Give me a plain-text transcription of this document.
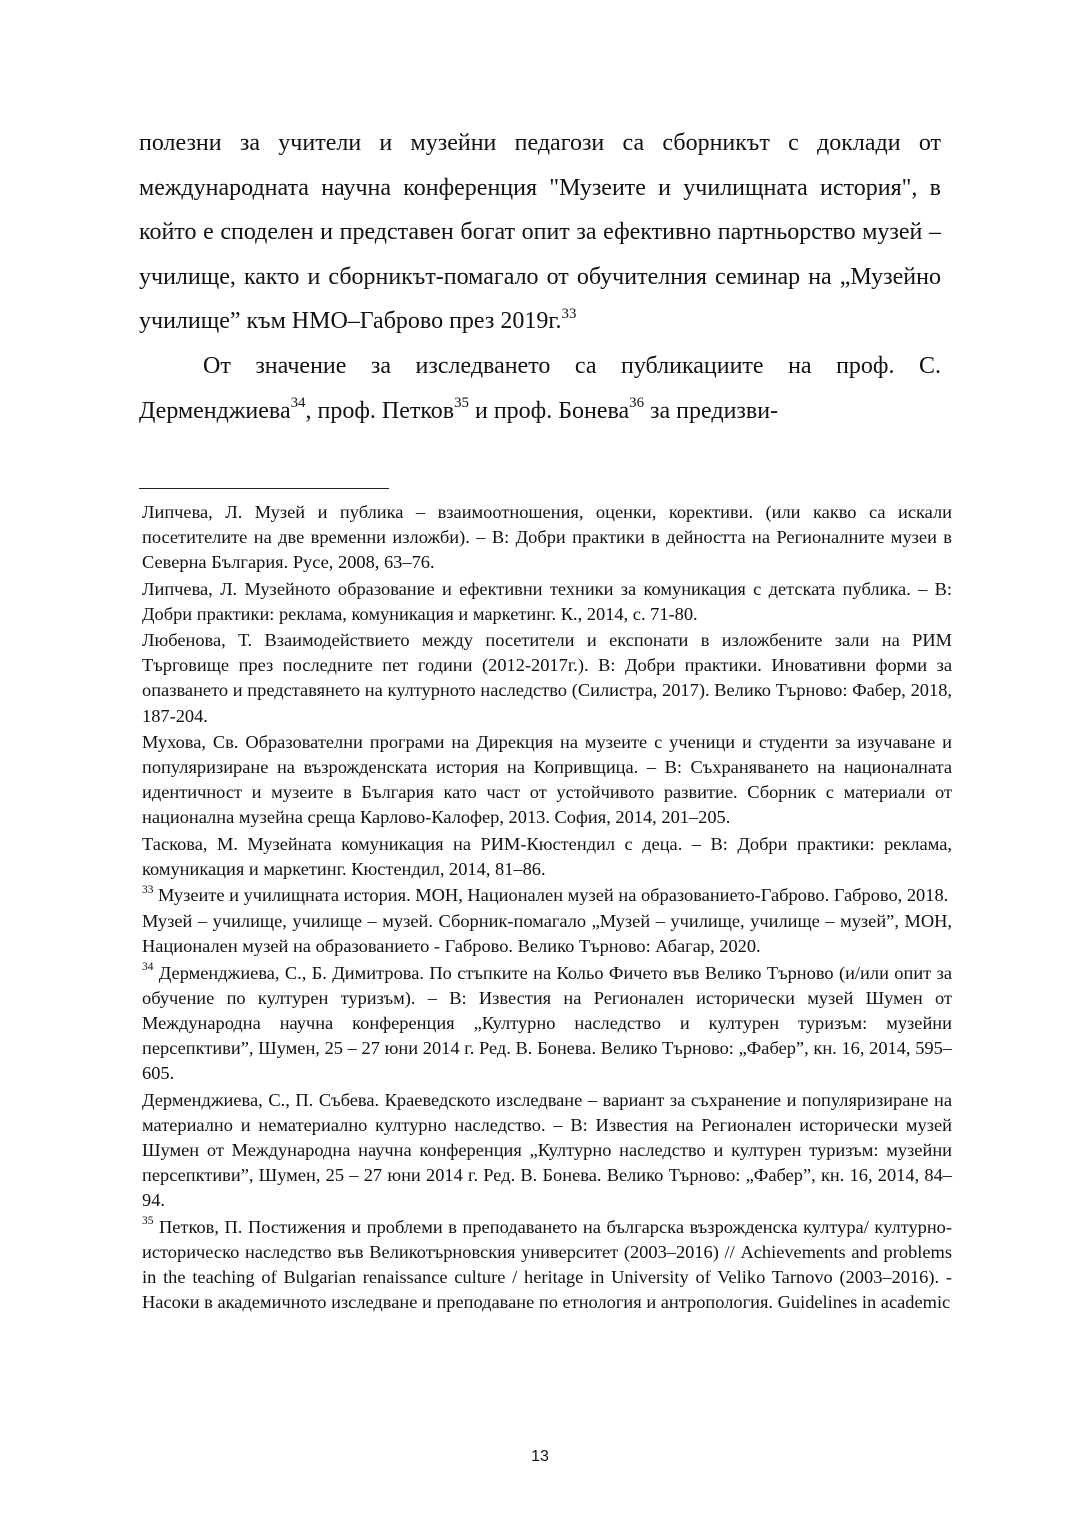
полезни за учители и музейни педагози са сборникът с доклади от международната научна конференция "Музеите и училищната история", в който е споделен и представен богат опит за ефективно партньорство музей – училище, както и сборникът-помагало от обучителния семинар на „Музейно училище” към НМО–Габрово през 2019г.$^{33}$

От значение за изследването са публикациите на проф. С. Дерменджиева$^{34}$, проф. Петков$^{35}$ и проф. Бонева$^{36}$ за предизви-

Липчева, Л. Музей и публика – взаимоотношения, оценки, корективи. (или какво са искали посетителите на две временни изложби). – В: Добри практики в дейността на Регионалните музеи в Северна България. Русе, 2008, 63–76.

Липчева, Л. Музейното образование и ефективни техники за комуникация с детската публика. – В: Добри практики: реклама, комуникация и маркетинг. К., 2014, с. 71-80.

Любенова, Т. Взаимодействието между посетители и експонати в изложбените зали на РИМ Търговище през последните пет години (2012-2017г.). В: Добри практики. Иновативни форми за опазването и представянето на културното наследство (Силистра, 2017). Велико Търново: Фабер, 2018, 187-204.

Мухова, Св. Образователни програми на Дирекция на музеите с ученици и студенти за изучаване и популяризиране на възрожденската история на Копривщица. – В: Съхраняването на националната идентичност и музеите в България като част от устойчивото развитие. Сборник с материали от национална музейна среща Карлово-Калофер, 2013. София, 2014, 201–205.

Таскова, М. Музейната комуникация на РИМ-Кюстендил с деца. – В: Добри практики: реклама, комуникация и маркетинг. Кюстендил, 2014, 81–86.

$^{33}$ Музеите и училищната история. МОН, Национален музей на образованието-Габрово. Габрово, 2018.

Музей – училище, училище – музей. Сборник-помагало „Музей – училище, училище – музей”, МОН, Национален музей на образованието - Габрово. Велико Търново: Абагар, 2020.

$^{34}$ Дерменджиева, С., Б. Димитрова. По стъпките на Кольо Фичето във Велико Търново (и/или опит за обучение по културен туризъм). – В: Известия на Регионален исторически музей Шумен от Международна научна конференция „Културно наследство и културен туризъм: музейни персепктиви”, Шумен, 25 – 27 юни 2014 г. Ред. В. Бонева. Велико Търново: „Фабер”, кн. 16, 2014, 595–605.

Дерменджиева, С., П. Събева. Краеведското изследване – вариант за съхранение и популяризиране на материално и нематериално културно наследство. – В: Известия на Регионален исторически музей Шумен от Международна научна конференция „Културно наследство и културен туризъм: музейни персепктиви”, Шумен, 25 – 27 юни 2014 г. Ред. В. Бонева. Велико Търново: „Фабер”, кн. 16, 2014, 84–94.

$^{35}$ Петков, П. Постижения и проблеми в преподаването на българска възрожденска култура/ културно-историческо наследство във Великотърновския университет (2003–2016) // Achievements and problems in the teaching of Bulgarian renaissance culture / heritage in University of Veliko Tarnovo (2003–2016). - Насоки в академичното изследване и преподаване по етнология и антропология. Guidelines in academic

13
